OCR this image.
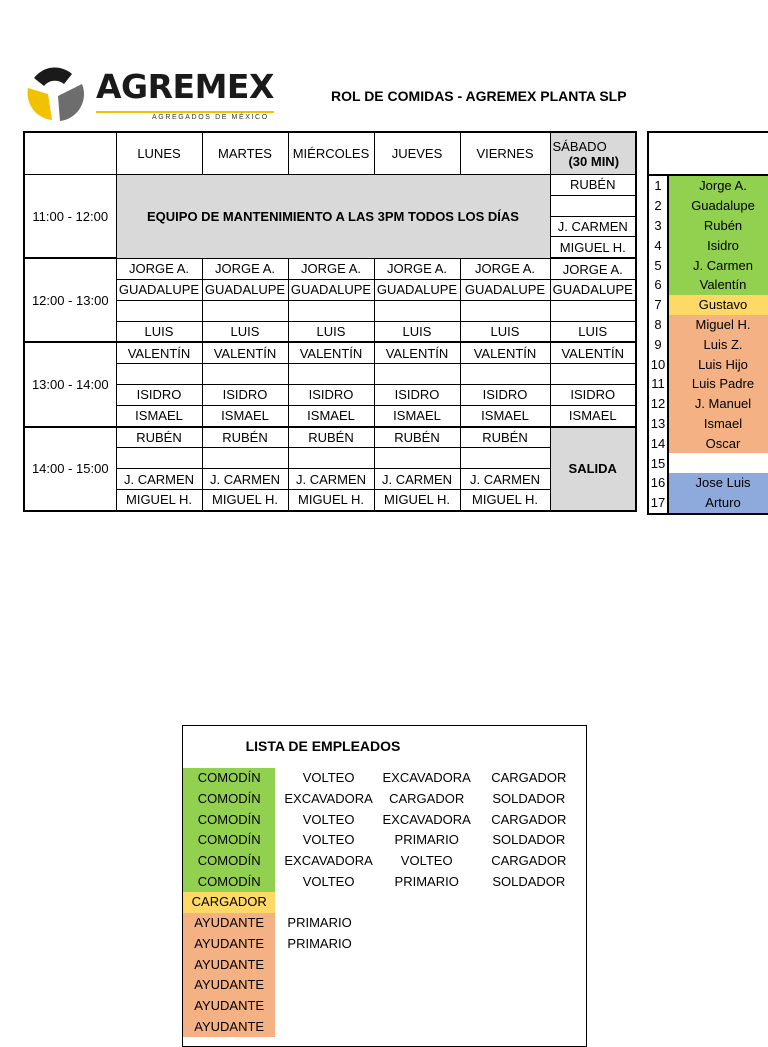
AGREMEX
AGREGADOS DE MÉXICO
ROL DE COMIDAS - AGREMEX PLANTA SLP
	LUNES	MARTES	MIÉRCOLES	JUEVES	VIERNES	SÁBADO
(30 MIN)

11:00 - 12:00	EQUIPO DE MANTENIMIENTO A LAS 3PM TODOS LOS DÍAS					RUBÉN

						J. CARMEN
						MIGUEL H.
12:00 - 13:00	JORGE A.	JORGE A.	JORGE A.	JORGE A.	JORGE A.	JORGE A.
	GUADALUPE	GUADALUPE	GUADALUPE	GUADALUPE	GUADALUPE	GUADALUPE

	LUIS	LUIS	LUIS	LUIS	LUIS	LUIS
13:00 - 14:00	VALENTÍN	VALENTÍN	VALENTÍN	VALENTÍN	VALENTÍN	VALENTÍN

	ISIDRO	ISIDRO	ISIDRO	ISIDRO	ISIDRO	ISIDRO
	ISMAEL	ISMAEL	ISMAEL	ISMAEL	ISMAEL	ISMAEL
14:00 - 15:00	RUBÉN	RUBÉN	RUBÉN	RUBÉN	RUBÉN	SALIDA

	J. CARMEN	J. CARMEN	J. CARMEN	J. CARMEN	J. CARMEN	
	MIGUEL H.	MIGUEL H.	MIGUEL H.	MIGUEL H.	MIGUEL H.	

1	Jorge A.
2	Guadalupe
3	Rubén
4	Isidro
5	J. Carmen
6	Valentín
7	Gustavo
8	Miguel H.
9	Luis Z.
10	Luis Hijo
11	Luis Padre
12	J. Manuel
13	Ismael
14	Oscar
15	
16	Jose Luis
17	Arturo
LISTA DE EMPLEADOS
COMODÍN	VOLTEO	EXCAVADORA	CARGADOR
COMODÍN	EXCAVADORA	CARGADOR	SOLDADOR
COMODÍN	VOLTEO	EXCAVADORA	CARGADOR
COMODÍN	VOLTEO	PRIMARIO	SOLDADOR
COMODÍN	EXCAVADORA	VOLTEO	CARGADOR
COMODÍN	VOLTEO	PRIMARIO	SOLDADOR
CARGADOR			
AYUDANTE	PRIMARIO		
AYUDANTE	PRIMARIO		
AYUDANTE			
AYUDANTE			
AYUDANTE			
AYUDANTE			
